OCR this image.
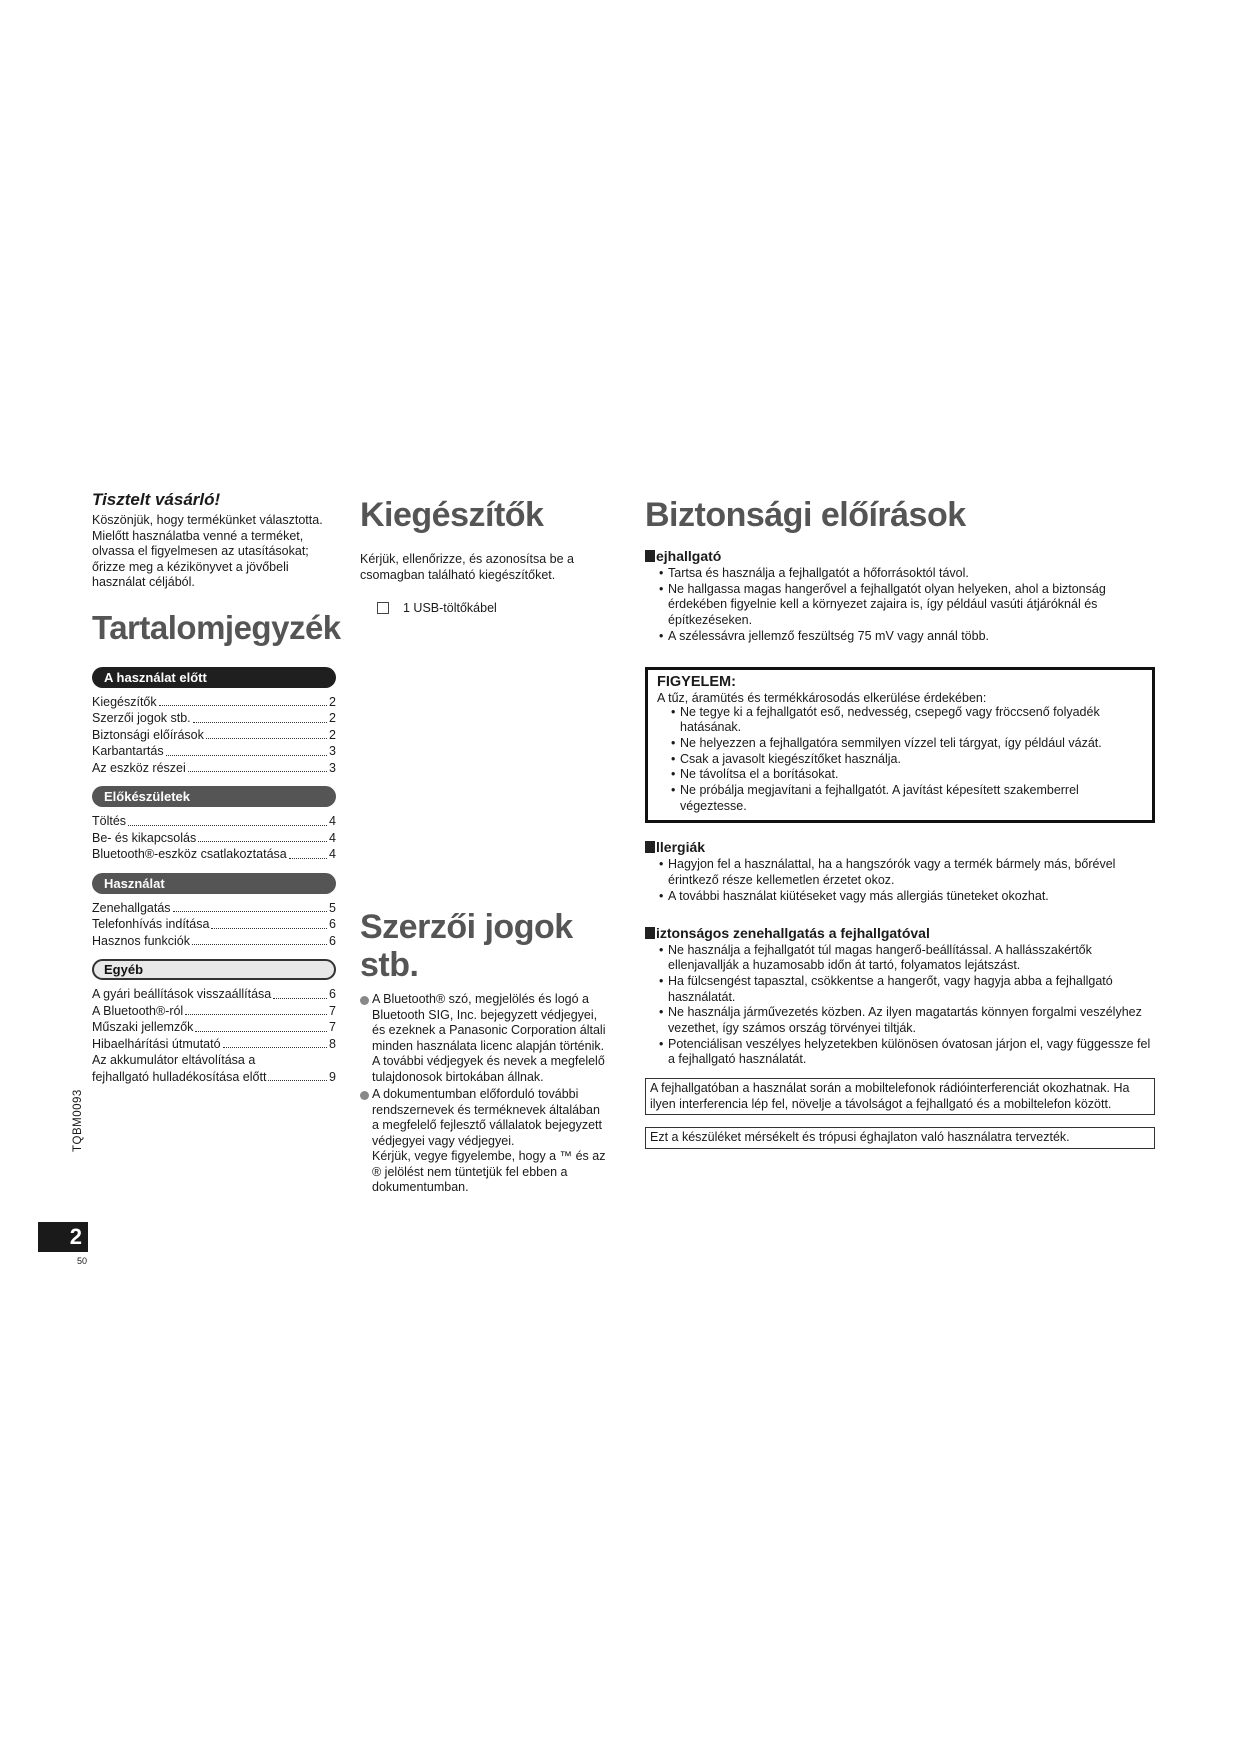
Tisztelt vásárló!

Köszönjük, hogy termékünket választotta.

Mielőtt használatba venné a terméket, olvassa el figyelmesen az utasításokat; őrizze meg a kézikönyvet a jövőbeli használat céljából.

Tartalomjegyzék
A használat előtt
Kiegészítők	2
Szerzői jogok stb.	2
Biztonsági előírások	2
Karbantartás	3
Az eszköz részei	3
Előkészületek
Töltés	4
Be- és kikapcsolás	4
Bluetooth®-eszköz csatlakoztatása	4
Használat
Zenehallgatás	5
Telefonhívás indítása	6
Hasznos funkciók	6
Egyéb
A gyári beállítások visszaállítása	6
A Bluetooth®-ról	7
Műszaki jellemzők	7
Hibaelhárítási útmutató	8
Az akkumulátor eltávolítása a
fejhallgató hulladékosítása előtt	9
TQBM0093
2
50
Kiegészítők

Kérjük, ellenőrizze, és azonosítsa be a csomagban található kiegészítőket.

1 USB-töltőkábel
Szerzői jogok
stb.

A Bluetooth® szó, megjelölés és logó a Bluetooth SIG, Inc. bejegyzett védjegyei, és ezeknek a Panasonic Corporation általi minden használata licenc alapján történik.

A további védjegyek és nevek a megfelelő tulajdonosok birtokában állnak.

A dokumentumban előforduló további rendszernevek és terméknevek általában a megfelelő fejlesztő vállalatok bejegyzett védjegyei vagy védjegyei.

Kérjük, vegye figyelembe, hogy a ™ és az ® jelölést nem tüntetjük fel ebben a dokumentumban.

Biztonsági előírások

ejhallgató

• Tartsa és használja a fejhallgatót a hőforrásoktól távol.
• Ne hallgassa magas hangerővel a fejhallgatót olyan helyeken, ahol a biztonság érdekében figyelnie kell a környezet zajaira is, így például vasúti átjáróknál és építkezéseken.
• A szélessávra jellemző feszültség 75 mV vagy annál több.

FIGYELEM:

A tűz, áramütés és termékkárosodás elkerülése érdekében:

• Ne tegye ki a fejhallgatót eső, nedvesség, csepegő vagy fröccsenő folyadék hatásának.
• Ne helyezzen a fejhallgatóra semmilyen vízzel teli tárgyat, így például vázát.
• Csak a javasolt kiegészítőket használja.
• Ne távolítsa el a borításokat.
• Ne próbálja megjavítani a fejhallgatót. A javítást képesített szakemberrel végeztesse.

llergiák

• Hagyjon fel a használattal, ha a hangszórók vagy a termék bármely más, bőrével érintkező része kellemetlen érzetet okoz.
• A további használat kiütéseket vagy más allergiás tüneteket okozhat.

iztonságos zenehallgatás a fejhallgatóval

• Ne használja a fejhallgatót túl magas hangerő-beállítással. A hallásszakértők ellenjavallják a huzamosabb időn át tartó, folyamatos lejátszást.
• Ha fülcsengést tapasztal, csökkentse a hangerőt, vagy hagyja abba a fejhallgató használatát.
• Ne használja járművezetés közben. Az ilyen magatartás könnyen forgalmi veszélyhez vezethet, így számos ország törvényei tiltják.
• Potenciálisan veszélyes helyzetekben különösen óvatosan járjon el, vagy függessze fel a fejhallgató használatát.
A fejhallgatóban a használat során a mobiltelefonok rádióinterferenciát okozhatnak. Ha ilyen interferencia lép fel, növelje a távolságot a fejhallgató és a mobiltelefon között.
Ezt a készüléket mérsékelt és trópusi éghajlaton való használatra tervezték.
